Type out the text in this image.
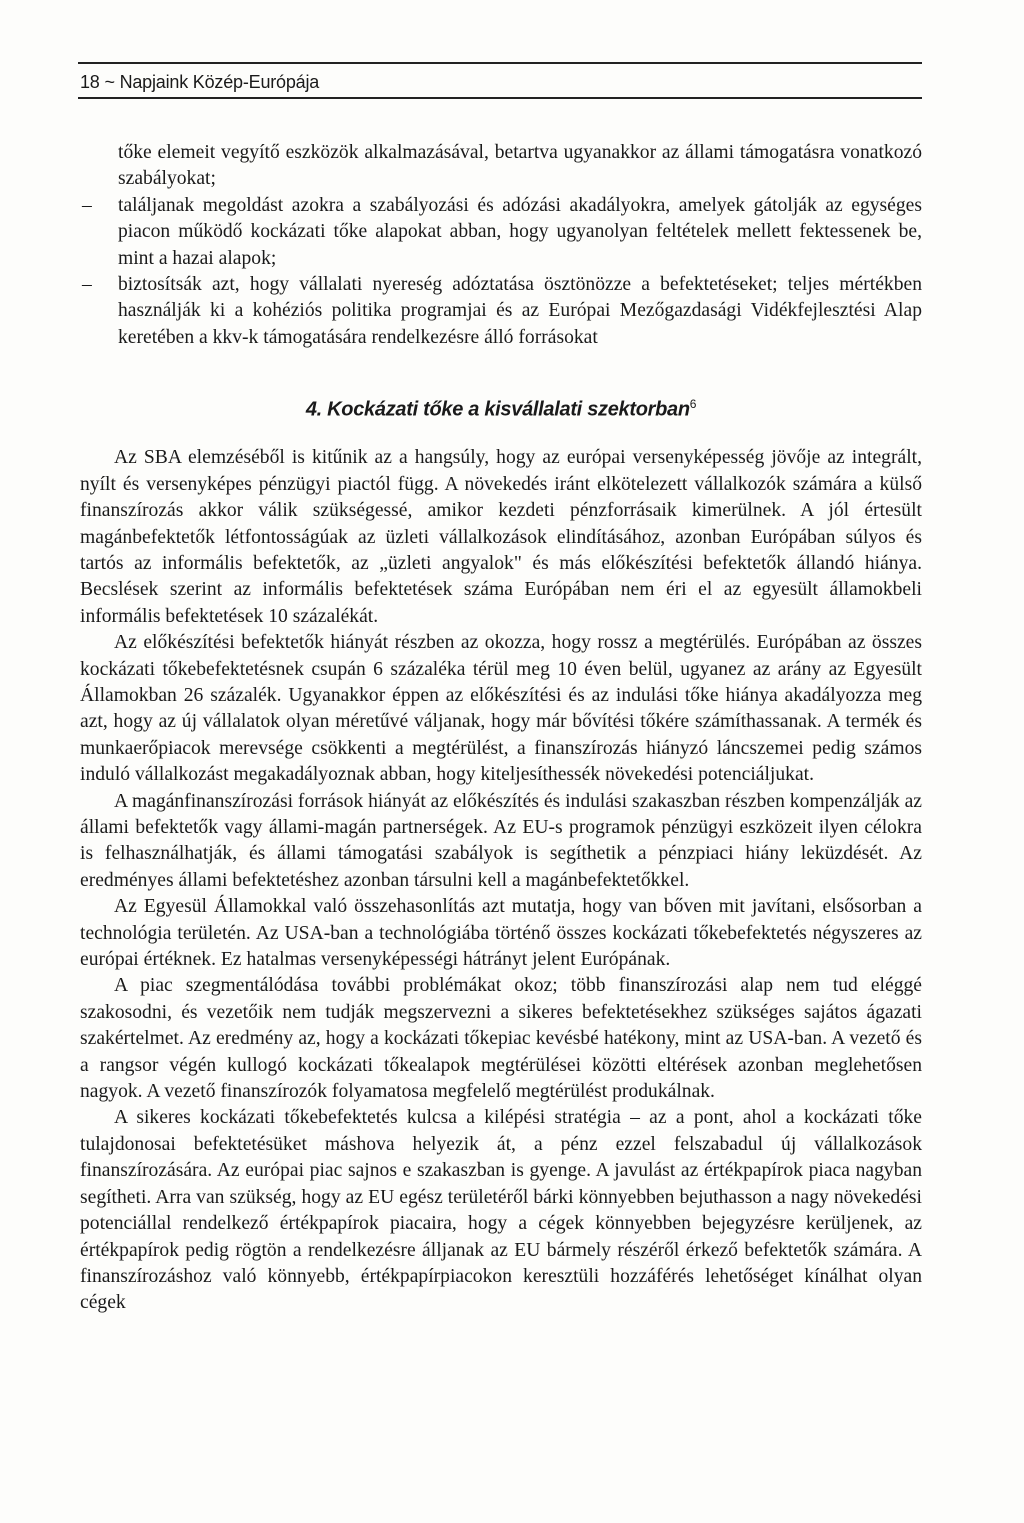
18 ~ Napjaink Közép-Európája

tőke elemeit vegyítő eszközök alkalmazásával, betartva ugyanakkor az állami támogatásra vonatkozó szabályokat;

– találjanak megoldást azokra a szabályozási és adózási akadályokra, amelyek gátolják az egységes piacon működő kockázati tőke alapokat abban, hogy ugyanolyan feltételek mellett fektessenek be, mint a hazai alapok;
– biztosítsák azt, hogy vállalati nyereség adóztatása ösztönözze a befektetéseket; teljes mértékben használják ki a kohéziós politika programjai és az Európai Mezőgazdasági Vidékfejlesztési Alap keretében a kkv-k támogatására rendelkezésre álló forrásokat
4. Kockázati tőke a kisvállalati szektorban$^6$

Az SBA elemzéséből is kitűnik az a hangsúly, hogy az európai versenyképesség jövője az integrált, nyílt és versenyképes pénzügyi piactól függ. A növekedés iránt elkötelezett vállalkozók számára a külső finanszírozás akkor válik szükségessé, amikor kezdeti pénzforrásaik kimerülnek. A jól értesült magánbefektetők létfontosságúak az üzleti vállalkozások elindításához, azonban Európában súlyos és tartós az informális befektetők, az „üzleti angyalok" és más előkészítési befektetők állandó hiánya. Becslések szerint az informális befektetések száma Európában nem éri el az egyesült államokbeli informális befektetések 10 százalékát.

Az előkészítési befektetők hiányát részben az okozza, hogy rossz a megtérülés. Európában az összes kockázati tőkebefektetésnek csupán 6 százaléka térül meg 10 éven belül, ugyanez az arány az Egyesült Államokban 26 százalék. Ugyanakkor éppen az előkészítési és az indulási tőke hiánya akadályozza meg azt, hogy az új vállalatok olyan méretűvé váljanak, hogy már bővítési tőkére számíthassanak. A termék és munkaerőpiacok merevsége csökkenti a megtérülést, a finanszírozás hiányzó láncszemei pedig számos induló vállalkozást megakadályoznak abban, hogy kiteljesíthessék növekedési potenciáljukat.

A magánfinanszírozási források hiányát az előkészítés és indulási szakaszban részben kompenzálják az állami befektetők vagy állami-magán partnerségek. Az EU-s programok pénzügyi eszközeit ilyen célokra is felhasználhatják, és állami támogatási szabályok is segíthetik a pénzpiaci hiány leküzdését. Az eredményes állami befektetéshez azonban társulni kell a magánbefektetőkkel.

Az Egyesül Államokkal való összehasonlítás azt mutatja, hogy van bőven mit javítani, elsősorban a technológia területén. Az USA-ban a technológiába történő összes kockázati tőkebefektetés négyszeres az európai értéknek. Ez hatalmas versenyképességi hátrányt jelent Európának.

A piac szegmentálódása további problémákat okoz; több finanszírozási alap nem tud eléggé szakosodni, és vezetőik nem tudják megszervezni a sikeres befektetésekhez szükséges sajátos ágazati szakértelmet. Az eredmény az, hogy a kockázati tőkepiac kevésbé hatékony, mint az USA-ban. A vezető és a rangsor végén kullogó kockázati tőkealapok megtérülései közötti eltérések azonban meglehetősen nagyok. A vezető finanszírozók folyamatosa megfelelő megtérülést produkálnak.

A sikeres kockázati tőkebefektetés kulcsa a kilépési stratégia – az a pont, ahol a kockázati tőke tulajdonosai befektetésüket máshova helyezik át, a pénz ezzel felszabadul új vállalkozások finanszírozására. Az európai piac sajnos e szakaszban is gyenge. A javulást az értékpapírok piaca nagyban segítheti. Arra van szükség, hogy az EU egész területéről bárki könnyebben bejuthasson a nagy növekedési potenciállal rendelkező értékpapírok piacaira, hogy a cégek könnyebben bejegyzésre kerüljenek, az értékpapírok pedig rögtön a rendelkezésre álljanak az EU bármely részéről érkező befektetők számára. A finanszírozáshoz való könnyebb, értékpapírpiacokon keresztüli hozzáférés lehetőséget kínálhat olyan cégek
